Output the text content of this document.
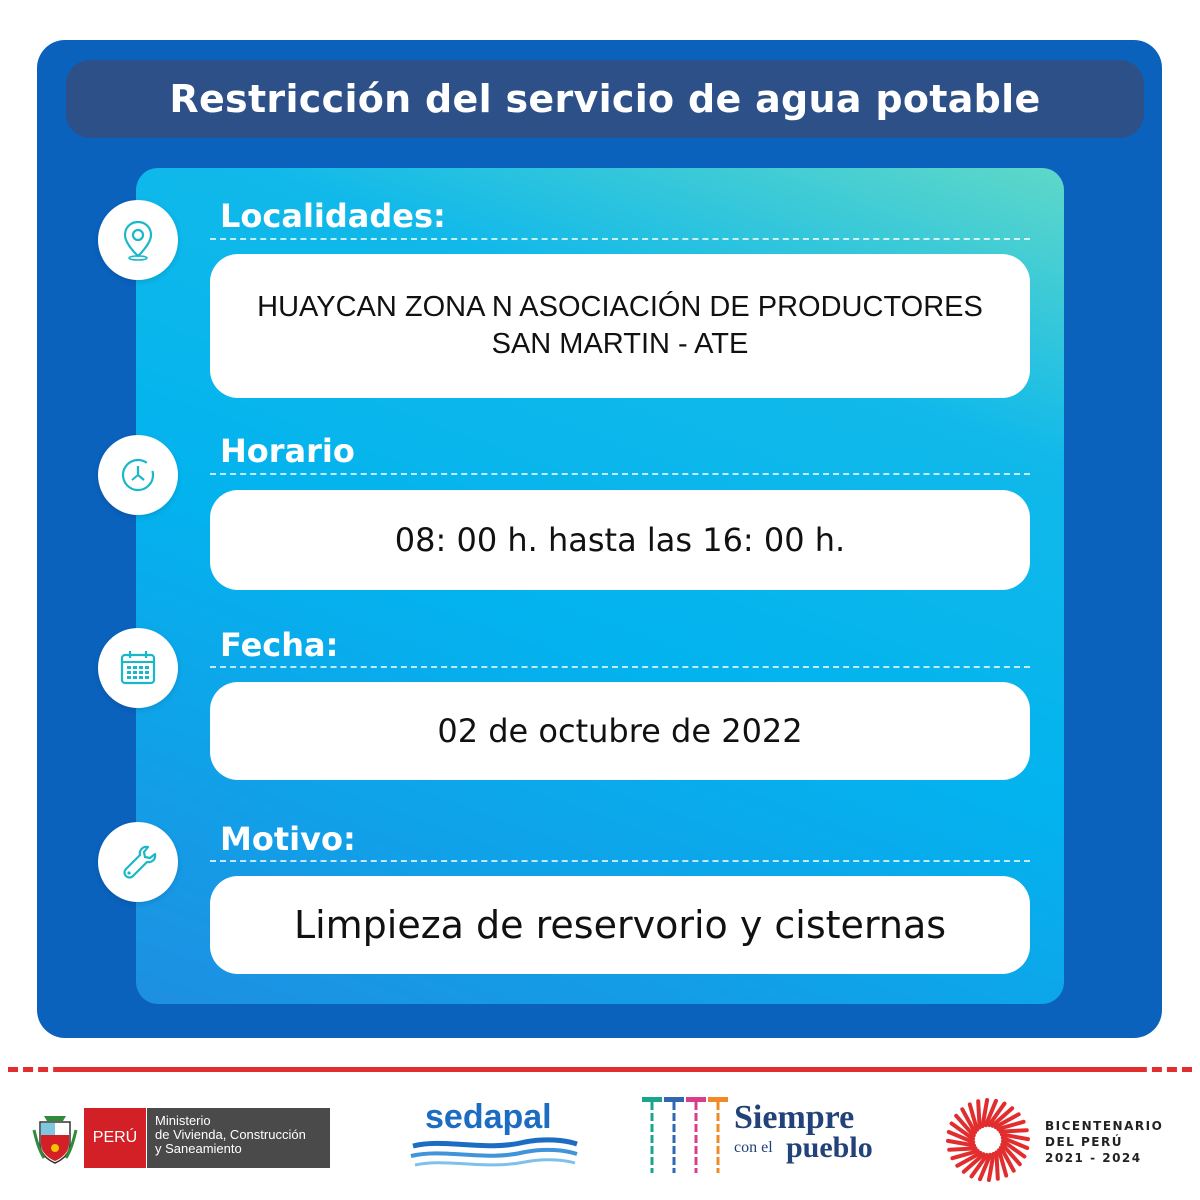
Restricción del servicio de agua potable
Localidades:
HUAYCAN ZONA N ASOCIACIÓN DE PRODUCTORES
SAN MARTIN - ATE
Horario
08: 00 h. hasta las 16: 00 h.
Fecha:
02 de octubre de 2022
Motivo:
Limpieza de reservorio y cisternas
PERÚ
Ministerio
de Vivienda, Construcción
y Saneamiento
sedapal	Siempre
con el pueblo
BICENTENARIO
DEL PERÚ
2021 - 2024
